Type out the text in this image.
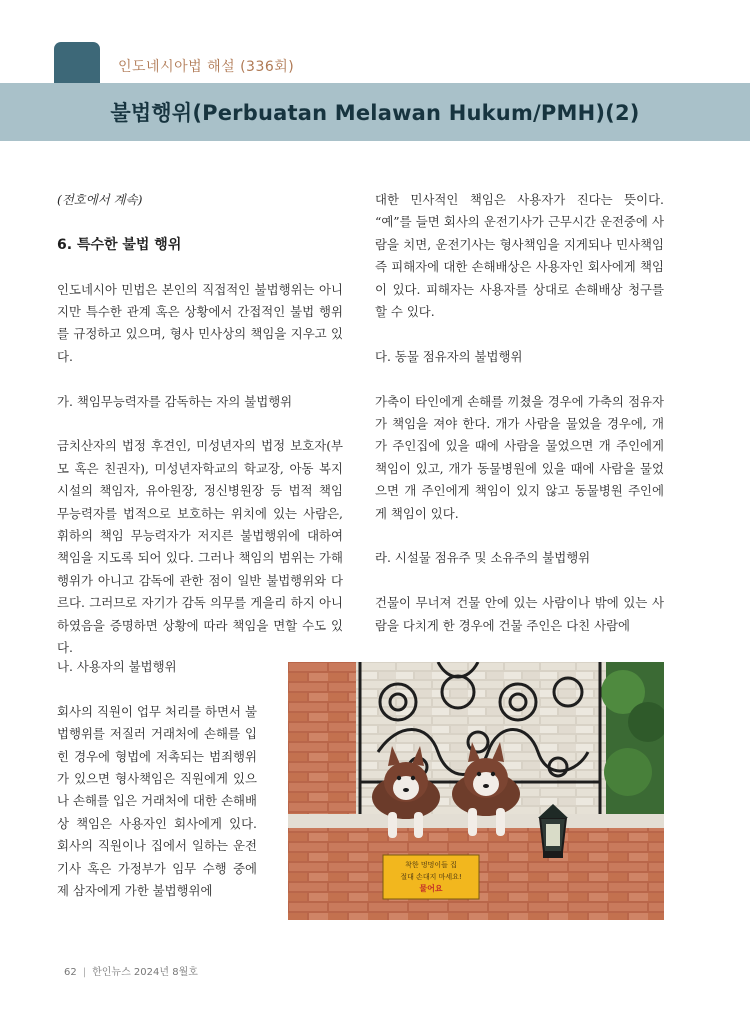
인도네시아법 해설 (336회)
불법행위(Perbuatan Melawan Hukum/PMH)(2)

(전호에서 계속)

6. 특수한 불법 행위

인도네시아 민법은 본인의 직접적인 불법행위는 아니지만 특수한 관계 혹은 상황에서 간접적인 불법 행위를 규정하고 있으며, 형사 민사상의 책임을 지우고 있다.

가. 책임무능력자를 감독하는 자의 불법행위

금치산자의 법정 후견인, 미성년자의 법정 보호자(부모 혹은 친권자), 미성년자학교의 학교장, 아동 복지 시설의 책임자, 유아원장, 정신병원장 등 법적 책임 무능력자를 법적으로 보호하는 위치에 있는 사람은, 휘하의 책임 무능력자가 저지른 불법행위에 대하여 책임을 지도록 되어 있다. 그러나 책임의 범위는 가해 행위가 아니고 감독에 관한 점이 일반 불법행위와 다르다. 그러므로 자기가 감독 의무를 게을리 하지 아니하였음을 증명하면 상황에 따라 책임을 면할 수도 있다.

나. 사용자의 불법행위

회사의 직원이 업무 처리를 하면서 불법행위를 저질러 거래처에 손해를 입힌 경우에 형법에 저촉되는 범죄행위가 있으면 형사책임은 직원에게 있으나 손해를 입은 거래처에 대한 손해배상 책임은 사용자인 회사에게 있다. 회사의 직원이나 집에서 일하는 운전기사 혹은 가정부가 임무 수행 중에 제 삼자에게 가한 불법행위에

대한 민사적인 책임은 사용자가 진다는 뜻이다. “예”를 들면 회사의 운전기사가 근무시간 운전중에 사람을 치면, 운전기사는 형사책임을 지게되나 민사책임 즉 피해자에 대한 손해배상은 사용자인 회사에게 책임이 있다. 피해자는 사용자를 상대로 손해배상 청구를 할 수 있다.

다. 동물 점유자의 불법행위

가축이 타인에게 손해를 끼쳤을 경우에 가축의 점유자가 책임을 져야 한다. 개가 사람을 물었을 경우에, 개가 주인집에 있을 때에 사람을 물었으면 개 주인에게 책임이 있고, 개가 동물병원에 있을 때에 사람을 물었으면 개 주인에게 책임이 있지 않고 동물병원 주인에게 책임이 있다.

라. 시설물 점유주 및 소유주의 불법행위

건물이 무너져 건물 안에 있는 사람이나 밖에 있는 사람을 다치게 한 경우에 건물 주인은 다친 사람에

착한 멍멍이들 집
절대 손대지 마세요!
물어요
62 | 한인뉴스 2024년 8월호
